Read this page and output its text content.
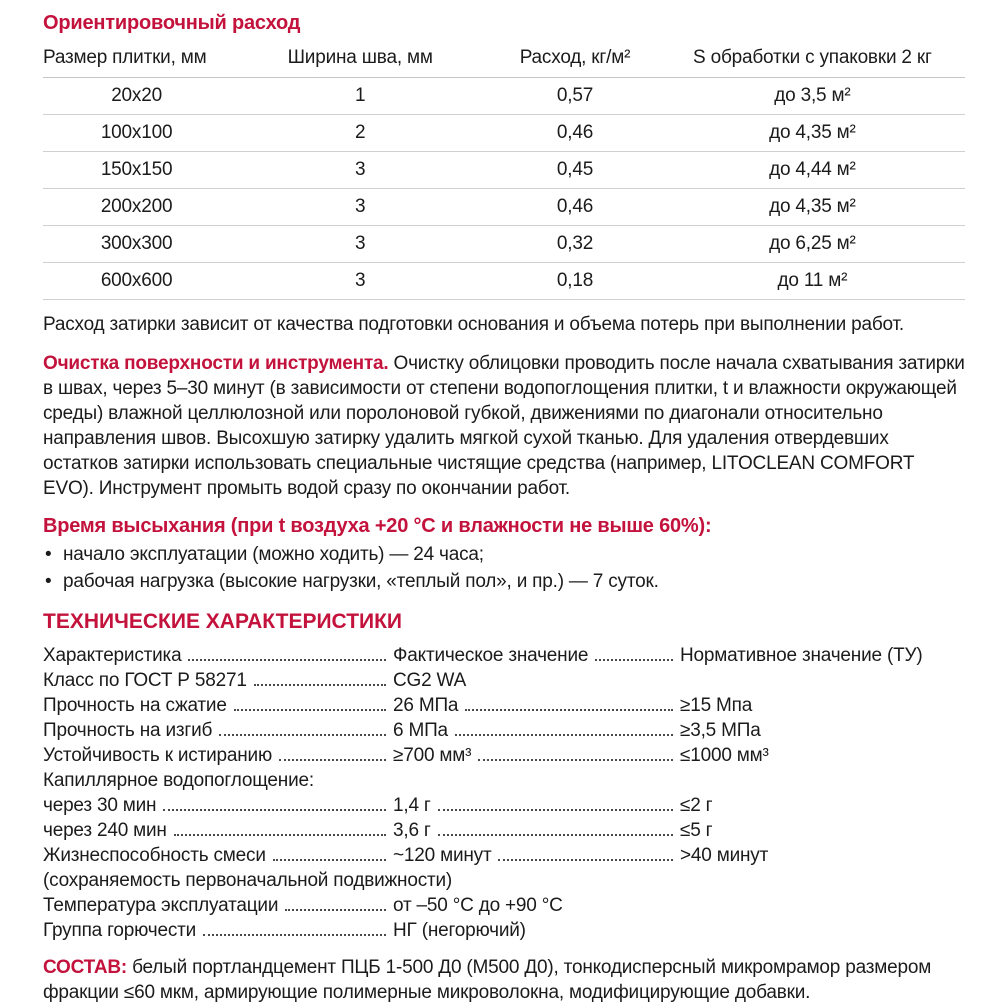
Ориентировочный расход
Размер плитки, мм	Ширина шва, мм	Расход, кг/м²	S обработки с упаковки 2 кг
20х20	1	0,57	до 3,5 м²
100х100	2	0,46	до 4,35 м²
150х150	3	0,45	до 4,44 м²
200х200	3	0,46	до 4,35 м²
300х300	3	0,32	до 6,25 м²
600х600	3	0,18	до 11 м²

Расход затирки зависит от качества подготовки основания и объема потерь при выполнении работ.

Очистка поверхности и инструмента. Очистку облицовки проводить после начала схватывания затирки в швах, через 5–30 минут (в зависимости от степени водопоглощения плитки, t и влажности окружающей среды) влажной целлюлозной или поролоновой губкой, движениями по диагонали относительно направления швов. Высохшую затирку удалить мягкой сухой тканью. Для удаления отвердевших остатков затирки использовать специальные чистящие средства (например, LITOCLEAN COMFORT EVO). Инструмент промыть водой сразу по окончании работ.

Время высыхания (при t воздуха +20 °С и влажности не выше 60%):
• начало эксплуатации (можно ходить) — 24 часа;
• рабочая нагрузка (высокие нагрузки, «теплый пол», и пр.) — 7 суток.
ТЕХНИЧЕСКИЕ ХАРАКТЕРИСТИКИ
Характеристика	Фактическое значение	Нормативное значение (ТУ)
Класс по ГОСТ Р 58271	CG2 WA
Прочность на сжатие	26 МПа	≥15 Мпа
Прочность на изгиб	6 МПа	≥3,5 МПа
Устойчивость к истиранию	≥700 мм³	≤1000 мм³
Капиллярное водопоглощение:
через 30 мин	1,4 г	≤2 г
через 240 мин	3,6 г	≤5 г
Жизнеспособность смеси	~120 минут	>40 минут
(сохраняемость первоначальной подвижности)
Температура эксплуатации	от –50 °С до +90 °С
Группа горючести	НГ (негорючий)

СОСТАВ: белый портландцемент ПЦБ 1-500 Д0 (М500 Д0), тонкодисперсный микромрамор размером фракции ≤60 мкм, армирующие полимерные микроволокна, модифицирующие добавки.
